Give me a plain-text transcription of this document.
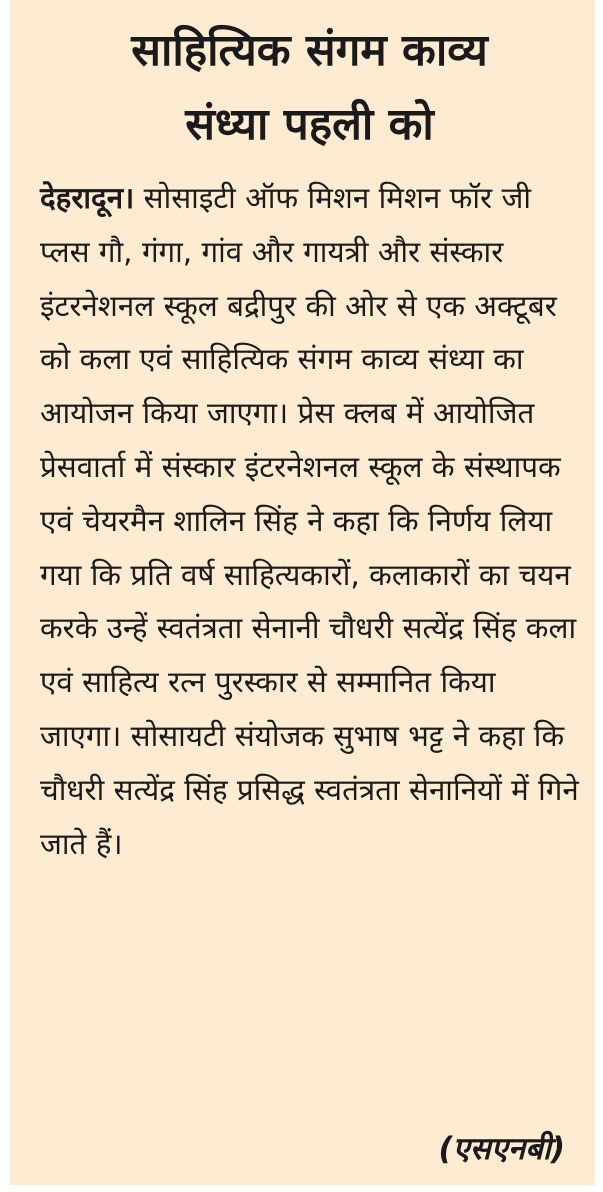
साहित्यिक संगम काव्य
संध्या पहली को

देहरादून। सोसाइटी ऑफ मिशन मिशन फॉर जी प्लस गौ, गंगा, गांव और गायत्री और संस्कार इंटरनेशनल स्कूल बद्रीपुर की ओर से एक अक्टूबर को कला एवं साहित्यिक संगम काव्य संध्या का आयोजन किया जाएगा। प्रेस क्लब में आयोजित प्रेसवार्ता में संस्कार इंटरनेशनल स्कूल के संस्थापक एवं चेयरमैन शालिन सिंह ने कहा कि निर्णय लिया गया कि प्रति वर्ष साहित्यकारों, कलाकारों का चयन करके उन्हें स्वतंत्रता सेनानी चौधरी सत्येंद्र सिंह कला एवं साहित्य रत्न पुरस्कार से सम्मानित किया जाएगा। सोसायटी संयोजक सुभाष भट्ट ने कहा कि चौधरी सत्येंद्र सिंह प्रसिद्ध स्वतंत्रता सेनानियों में गिने जाते हैं।

(एसएनबी)
